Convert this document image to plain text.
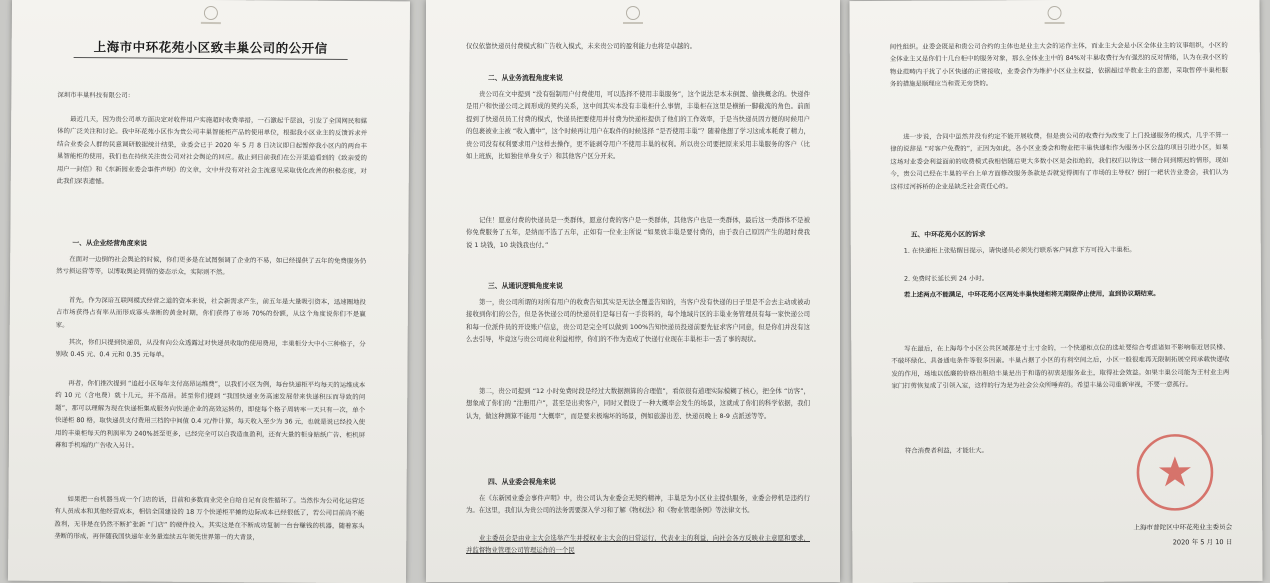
上海市中环花苑小区致丰巢公司的公开信

深圳市丰巢科技有限公司：

最近几天，因为贵公司单方面决定对收件用户实施超时收费举措，一石激起千层浪，引发了全国网民和媒体的广泛关注和讨论。我中环花苑小区作为贵公司丰巢智能柜产品的使用单位，根据我小区业主的反馈诉求并结合业委会人群的民意调研数据统计结果，业委会已于 2020 年 5 月 8 日决议即日起暂停我小区内的两台丰巢智能柜的使用，我们也在持续关注贵公司对社会舆论的回应。截止到目前我们在公开渠道看到的《致亲爱的用户一封信》和《东新园业委会事件声明》的文章，文中并没有对社会主流意见采取优化改善的积极态度，对此我们深表遗憾。

一、从企业经营角度来说

在面对一边倒的社会舆论的时候，你们更多是在试图强调了企业的不易，如已经提供了五年的免费服务仍然亏损运营等等，以博取舆论同情的姿态示众，实际则不然。

首先，作为深谙互联网模式经营之道的资本来说，社会新需求产生，前五年是大量吸引资本，迅速圈地投占市场获得占有率从而形成寡头垄断的黄金时期，你们获得了市场 70%的份额，从这个角度说你们不是赢家。

其次，你们只提到快递员，从没有向公众透露过对快递员收取的使用费用，丰巢柜分大中小三种格子，分别收 0.45 元、0.4 元和 0.35 元每单。

再者，你们推次提到 “追赶小区每年支付高昂运维费”，以我们小区为例，每台快递柜平均每天的运维成本约 10 元（含电费）就十几元，并不高昂。甚至你们提到 “我国快递业务高速发展带来快递积压而导致的问题”，那可以理解为现在快递柜集成服务向快递企业的高效运转的，即使每个格子周转率一天只有一次，单个快递柜 80 格，取快递员支付费用三档的中间值 0.4 元/件计算，每天收入至少为 36 元，也就是说已经投入使用的丰巢柜每天的利润率为 240%甚至更多，已经完全可以自我造血盈利，还有大量的柜身贴纸广告、柜机屏幕和手机端的广告收入另计。

如果把一台机器当成一个门店的话，目前和多数商业完全自给自足有良性循环了。当然作为公司化运营还有人员成本和其他经营成本，相信全国建设的 18 万个快递柜平摊的边际成本已经很低了，若公司目前尚不能盈利，无非是在仍然不断扩张新 “门店” 的硬件投入，其实这是在不断成功复制一台台赚钱的机器，随着寡头垄断的形成，再伴随我国快递年业务量连续五年领先世界第一的大背景，

仅仅依靠快递员付费模式和广告收入模式，未来贵公司的盈利能力也将是卓越的。

二、从业务流程角度来说

贵公司在文中提到 “没有强制用户付费使用，可以选择不使用丰巢服务”，这个说法是本末倒置、偷换概念的。快递件是用户和快递公司之间形成的契约关系，这中间其实本没有丰巢柜什么事情，丰巢柜在这里是横插一脚截流的角色。前面提到了快递员员工付费的模式，快递员把要使用并付费为快递柜提供了他们的工作效率，于是当快递员因方便的时候用户的包裹被业主被 “收入囊中”，这个时候再让用户在取件的时候选择 “是否使用丰巢”？随着他想了学习这成本耗费了精力，贵公司没有权利要求用户这样去操作，更不能剥夺用户不使用丰巢的权利。所以贵公司要把原来采用丰巢服务的客户（比如上班族，比如独住单身女子）和其他客户区分开来。

记住！愿意付费的快递员是一类群体，愿意付费的客户是一类群体，其他客户也是一类群体，最后这一类群体不是被你免费服务了五年，是纳而不选了五年，正如有一位业主所说 “如果放丰巢是要付费的，由于我自己原因产生的超时费我说 1 块钱，10 块钱我也付。”

三、从通识逻辑角度来说

第一，贵公司所谓的对所有用户的收费告知其实是无法全覆盖告知的，当客户没有快递的日子里是不会去主动或被动接收到你们的公告，但是各快递公司的快递员们是每日有一手资料的，每个地域片区的丰巢业务管理员有每一家快递公司和每一位派件员的开设账户信息，贵公司是完全可以做到 100%告知快递员投递前要先征求客户同意，但是你们并没有这么去引导，毕竟这与贵公司商业利益相悖，你们的不作为造成了快递行业现在丰巢柜丰一丢了事的现状。

第二，贵公司提到 “12 小时免费时段是经过大数据测算的合理值”，看似很有道理实际模糊了核心，把全体 “访客”，想象成了你们的 “注册用户”，甚至是出卖客户，同时又假设了一种大概率会发生的场景，这就成了你们的科学依据，我们认为，做这种测算不能用 “大概率”，而是要来极端坏的场景，例如旅游出差、快递员晚上 8-9 点派送等等。

四、从业委会视角来说

在《东新园业委会事件声明》中，贵公司认为业委会无契约精神，丰巢是为小区业主提供服务，业委会停机是违约行为。在这里，我们认为贵公司的法务需要深入学习和了解《物权法》和《物业管理条例》等法律文书。

业主委员会是由业主大会选举产生并授权业主大会的日常运行，代表业主的利益，向社会各方反映业主意愿和要求，并监督物业管理公司管理运作的一个民

间性组织。业委会既是和贵公司合约的主体也是业主大会的运作主体，而业主大会是小区全体业主的议事组织，小区的全体业主又是你们十几台柜中的服务对象，那么全体业主中的 84%对丰巢收费行为有强烈的反对情绪，认为在我小区的物业范畴内干扰了小区快递的正常接收，业委会作为维护小区业主权益，依据超过半数业主的意愿，采取暂停丰巢柜服务的措施是顺理应当和责无旁贷的。

进一步说，合同中虽然并没有约定不能开展收费，但是贵公司的收费行为改变了上门投递服务的模式，几乎不算一律的说辞是 “对客户免费的”，正因为如此，各小区业委会和物业把丰巢快递柜作为服务小区公益的项目引进小区，如果这场对业委会利益面前的收费模式我相信随后更大多数小区是会拒绝的，我们权归以待这一侧合同到期迟的情形，现如今，贵公司已经在丰巢的平台上单方面修改服务条款是否就觉得拥有了市场的主导权？倒打一耙状告业委会，我们认为这样过河拆桥的企业是缺乏社会责任心的。

五、中环花苑小区的诉求

1. 在快递柜上张贴醒目提示，请快递员必须先行联系客户同意下方可投入丰巢柜。

2. 免费时长延长到 24 小时。

若上述两点不能满足，中环花苑小区两处丰巢快递柜将无期限停止使用，直到协议期结束。

写在最后，在上海每个小区公共区域都是寸土寸金的，一个快递柜点位的选址要综合考虑诸如不影响临近居民楼、不破坏绿化、具备通电条件等很多因素。丰巢占据了小区的有利空间之后，小区一般很难再无限制拓展空间承载快递收发的作用，场地以低廉的价格出租给丰巢是出于和谐的初衷是服务业主，取得社会效益。如果丰巢公司能为王村业主两家门打剪恢复成了引领入室，这样的行为是为社会公众所唾弃的。希望丰巢公司重新审视，不要一意孤行。

符合消费者利益，才能壮大。

上海市普陀区中环花苑业主委员会
2020 年 5 月 10 日
